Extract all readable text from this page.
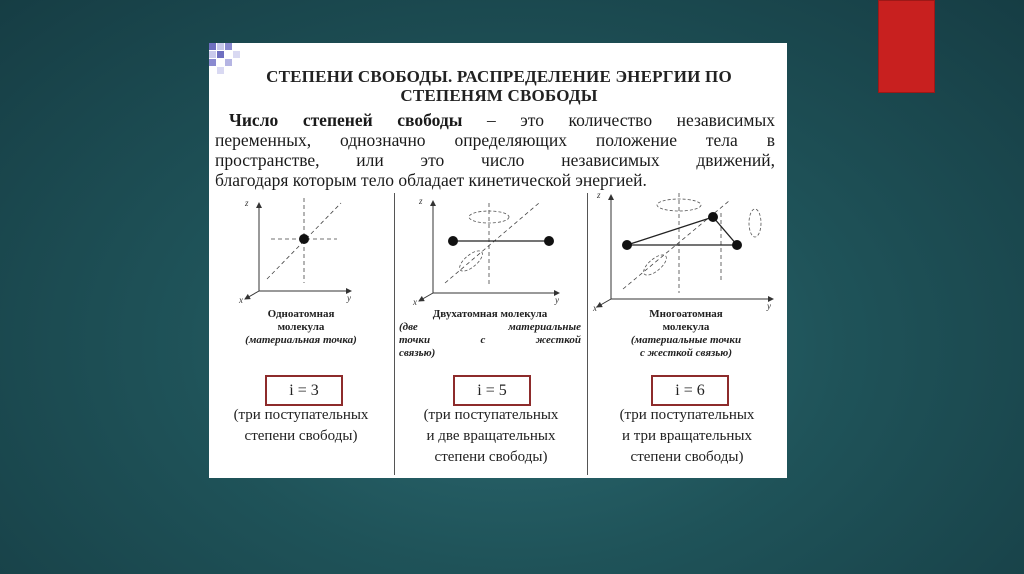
СТЕПЕНИ СВОБОДЫ. РАСПРЕДЕЛЕНИЕ ЭНЕРГИИ ПО
СТЕПЕНЯМ СВОБОДЫ
Число степеней свободы – это количество независимых
переменных, однозначно определяющих положение тела в
пространстве, или это число независимых движений,
благодаря которым тело обладает кинетической энергией.
z
y
x
z
y
x
z
y
x
Одноатомная
молекула
(материальная точка)
i = 3
(три поступательных
степени свободы)
Двухатомная молекула
(две материальные
точки с жесткой
связью)
i = 5
(три поступательных
и две вращательных
степени свободы)
Многоатомная
молекула
(материальные точки
с жесткой связью)
i = 6
(три поступательных
и три вращательных
степени свободы)
